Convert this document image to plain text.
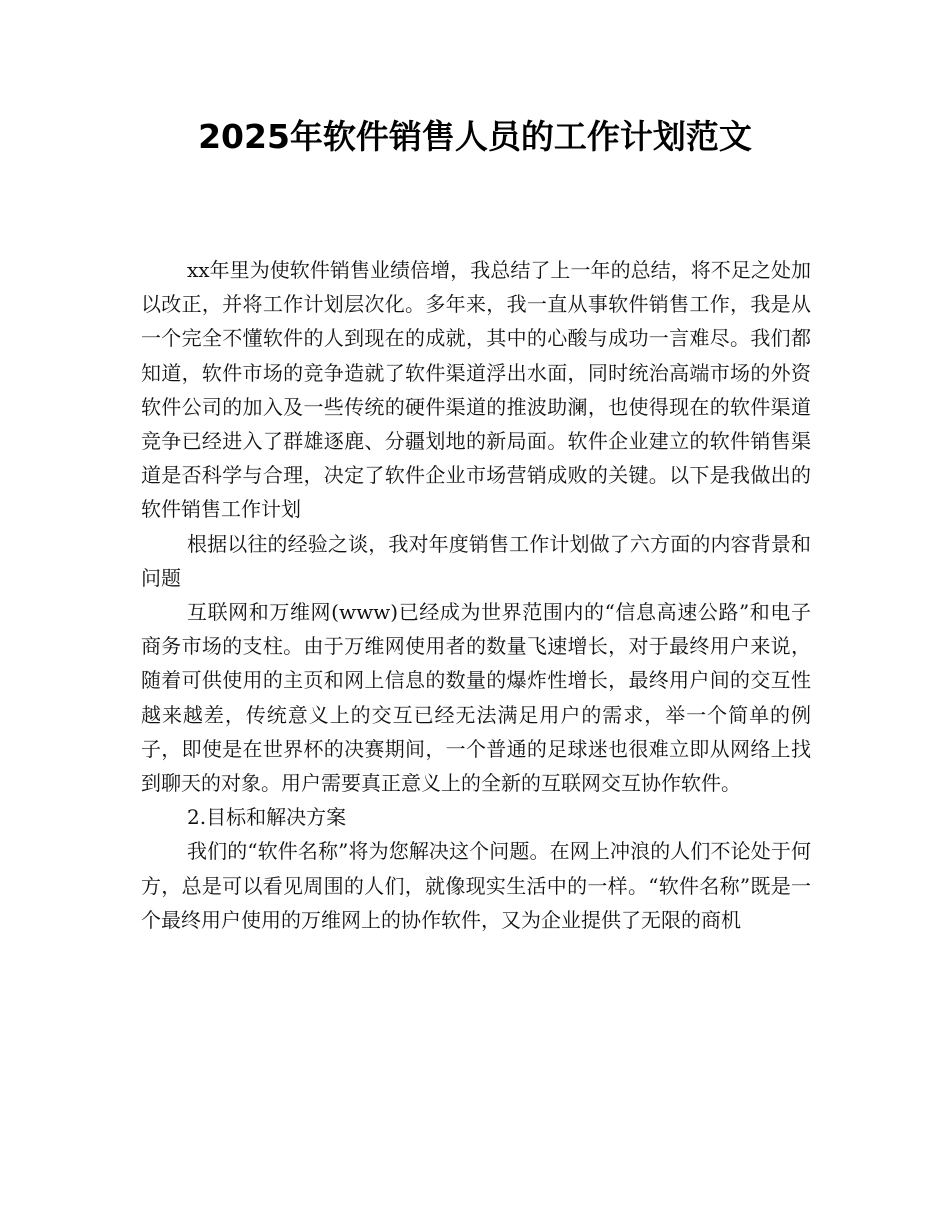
2025年软件销售人员的工作计划范文

xx年里为使软件销售业绩倍增，我总结了上一年的总结，将不足之处加以改正，并将工作计划层次化。多年来，我一直从事软件销售工作，我是从一个完全不懂软件的人到现在的成就，其中的心酸与成功一言难尽。我们都知道，软件市场的竞争造就了软件渠道浮出水面，同时统治高端市场的外资软件公司的加入及一些传统的硬件渠道的推波助澜，也使得现在的软件渠道竞争已经进入了群雄逐鹿、分疆划地的新局面。软件企业建立的软件销售渠道是否科学与合理，决定了软件企业市场营销成败的关键。以下是我做出的软件销售工作计划

根据以往的经验之谈，我对年度销售工作计划做了六方面的内容背景和问题

互联网和万维网(www)已经成为世界范围内的“信息高速公路”和电子商务市场的支柱。由于万维网使用者的数量飞速增长，对于最终用户来说，随着可供使用的主页和网上信息的数量的爆炸性增长，最终用户间的交互性越来越差，传统意义上的交互已经无法满足用户的需求，举一个简单的例子，即使是在世界杯的决赛期间，一个普通的足球迷也很难立即从网络上找到聊天的对象。用户需要真正意义上的全新的互联网交互协作软件。

2.目标和解决方案

我们的“软件名称”将为您解决这个问题。在网上冲浪的人们不论处于何方，总是可以看见周围的人们，就像现实生活中的一样。“软件名称”既是一个最终用户使用的万维网上的协作软件，又为企业提供了无限的商机
